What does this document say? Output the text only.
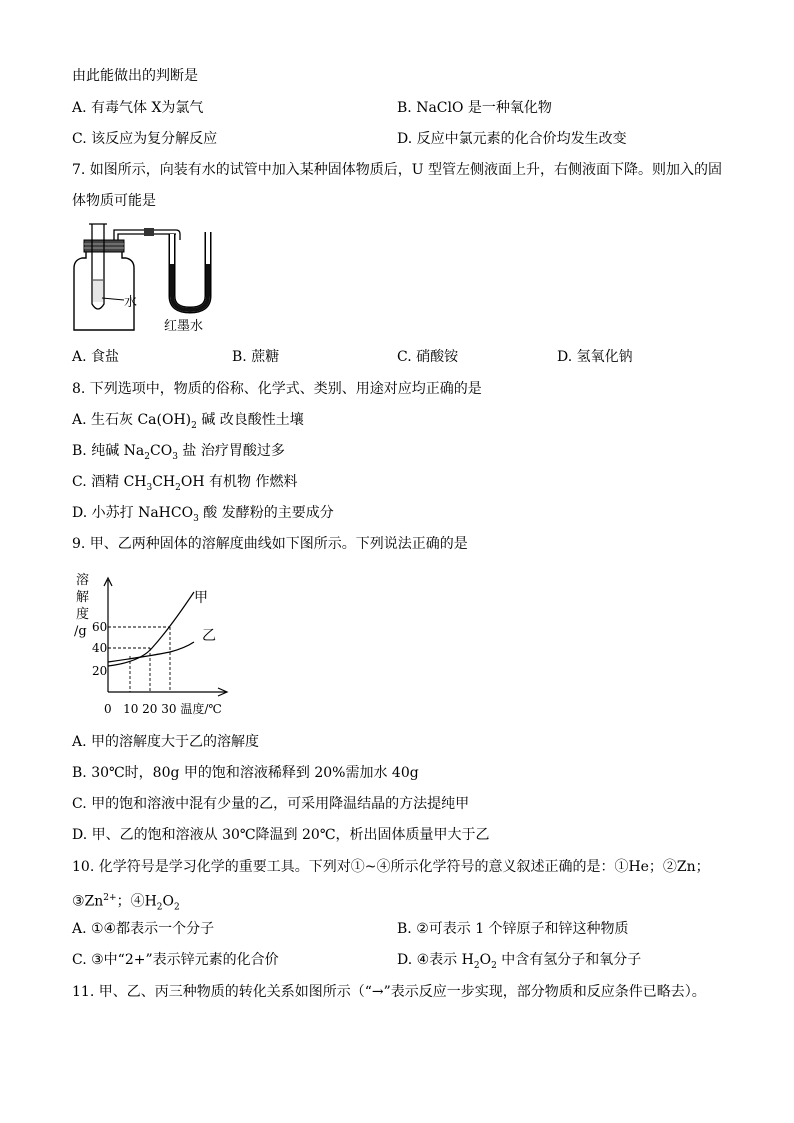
由此能做出的判断是
A. 有毒气体 X为氯气	B. NaClO 是一种氧化物
C. 该反应为复分解反应	D. 反应中氯元素的化合价均发生改变
7. 如图所示，向装有水的试管中加入某种固体物质后，U 型管左侧液面上升，右侧液面下降。则加入的固
体物质可能是
水
红墨水
A. 食盐	B. 蔗糖	C. 硝酸铵	D. 氢氧化钠
8. 下列选项中，物质的俗称、化学式、类别、用途对应均正确的是
A. 生石灰 $Ca(OH)_2$ 碱 改良酸性土壤
B. 纯碱 $Na_2CO_3$ 盐 治疗胃酸过多
C. 酒精 $CH_3CH_2OH$ 有机物 作燃料
D. 小苏打 NaHCO$_3$ 酸 发酵粉的主要成分
9. 甲、乙两种固体的溶解度曲线如下图所示。下列说法正确的是
溶
解
度
/g 60
40
20
甲
乙
0   10 20 30 温度/℃
A. 甲的溶解度大于乙的溶解度
B. 30℃时，80g 甲的饱和溶液稀释到 20%需加水 40g
C. 甲的饱和溶液中混有少量的乙，可采用降温结晶的方法提纯甲
D. 甲、乙的饱和溶液从 30℃降温到 20℃，析出固体质量甲大于乙
10. 化学符号是学习化学的重要工具。下列对①~④所示化学符号的意义叙述正确的是：①He；②Zn；
$③Zn^{2+}$；$④H_2O_2$
A. ①④都表示一个分子	B. ②可表示 1 个锌原子和锌这种物质
C. ③中“2+”表示锌元素的化合价	D. ④表示 $H_2O_2$ 中含有氢分子和氧分子
11. 甲、乙、丙三种物质的转化关系如图所示（“→”表示反应一步实现，部分物质和反应条件已略去）。
